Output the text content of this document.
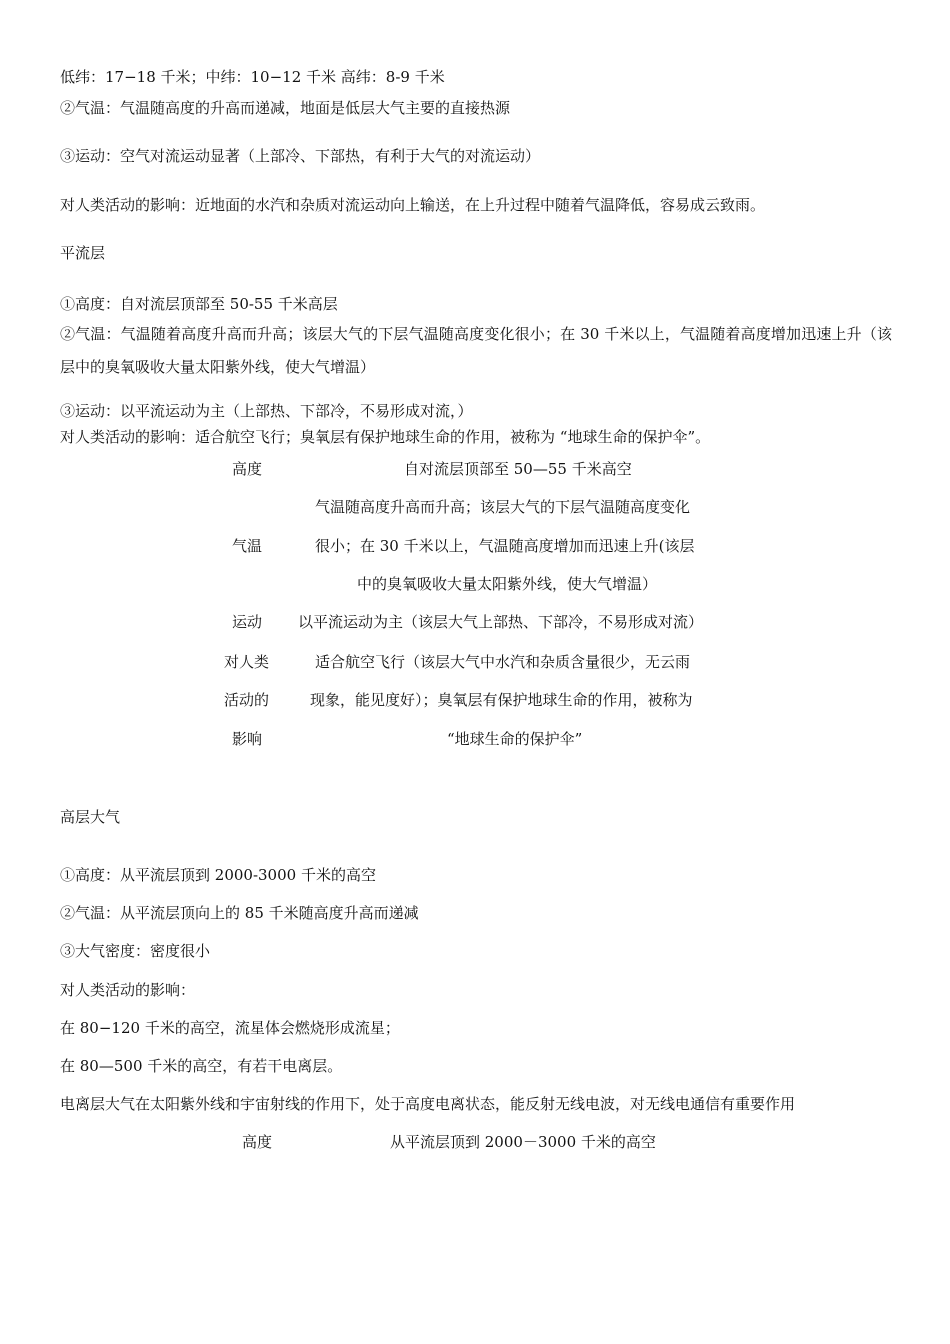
低纬：17−18 千米；中纬：10−12 千米 高纬：8-9 千米
②气温：气温随高度的升高而递减，地面是低层大气主要的直接热源
③运动：空气对流运动显著（上部冷、下部热，有利于大气的对流运动）
对人类活动的影响：近地面的水汽和杂质对流运动向上输送，在上升过程中随着气温降低，容易成云致雨。
平流层
①高度：自对流层顶部至 50-55 千米高层
②气温：气温随着高度升高而升高；该层大气的下层气温随高度变化很小；在 30 千米以上，气温随着高度增加迅速上升（该层中的臭氧吸收大量太阳紫外线，使大气增温）
③运动：以平流运动为主（上部热、下部冷，不易形成对流，）
对人类活动的影响：适合航空飞行；臭氧层有保护地球生命的作用，被称为 “地球生命的保护伞”。
高度	自对流层顶部至 50—55 千米高空
气温随高度升高而升高；该层大气的下层气温随高度变化
气温	很小；在 30 千米以上，气温随高度增加而迅速上升(该层
中的臭氧吸收大量太阳紫外线，使大气增温）
运动 以平流运动为主（该层大气上部热、下部冷，不易形成对流）
对人类	适合航空飞行（该层大气中水汽和杂质含量很少，无云雨
活动的	现象，能见度好）；臭氧层有保护地球生命的作用，被称为
影响	“地球生命的保护伞”
高层大气
①高度：从平流层顶到 2000-3000 千米的高空
②气温：从平流层顶向上的 85 千米随高度升高而递减
③大气密度：密度很小
对人类活动的影响：
在 80−120 千米的高空，流星体会燃烧形成流星；
在 80—500 千米的高空，有若干电离层。
电离层大气在太阳紫外线和宇宙射线的作用下，处于高度电离状态，能反射无线电波，对无线电通信有重要作用
高度	从平流层顶到 2000－3000 千米的高空
